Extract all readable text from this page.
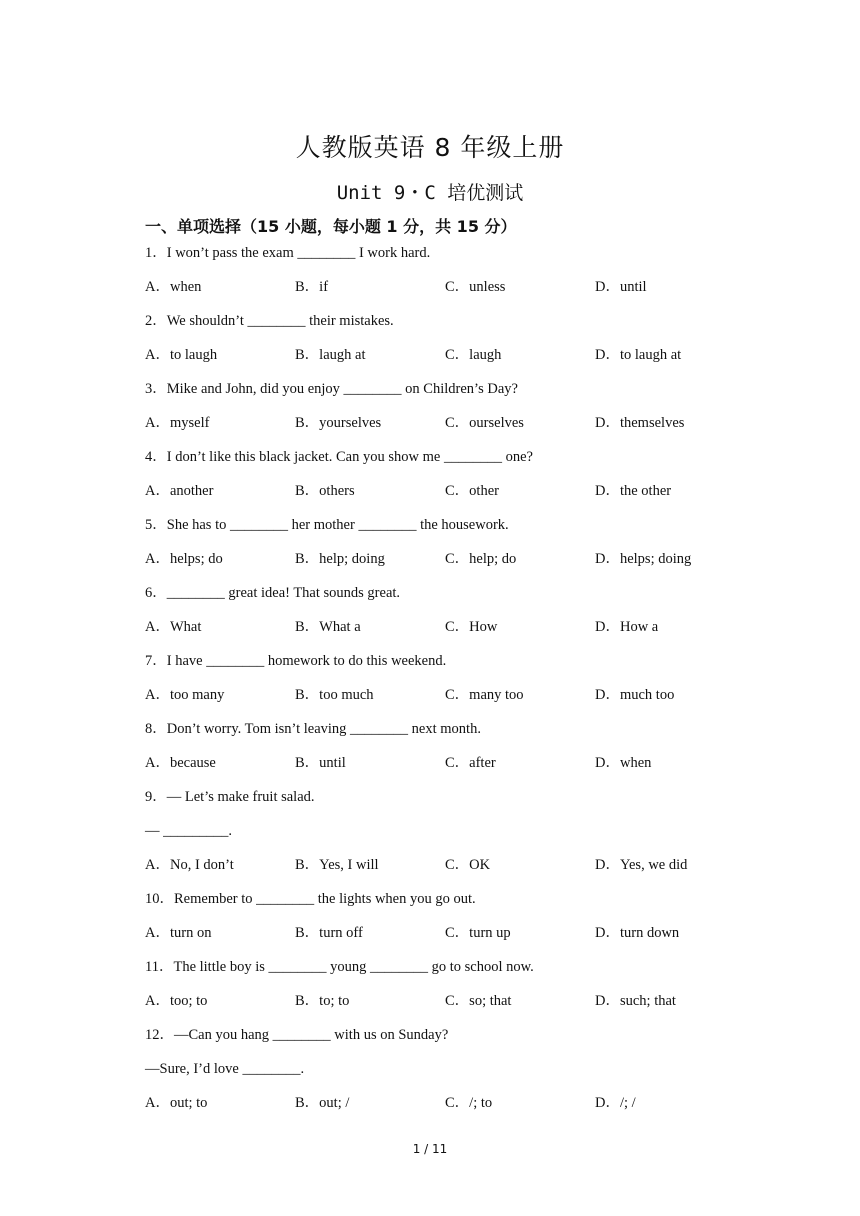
人教版英语 8 年级上册
Unit 9・C 培优测试
一、单项选择（15 小题，每小题 1 分，共 15 分）
1．I won’t pass the exam ________ I work hard.
A．when	B．if	C．unless	D．until
2．We shouldn’t ________ their mistakes.
A．to laugh	B．laugh at	C．laugh	D．to laugh at
3．Mike and John, did you enjoy ________ on Children’s Day?
A．myself	B．yourselves	C．ourselves	D．themselves
4．I don’t like this black jacket. Can you show me ________ one?
A．another	B．others	C．other	D．the other
5．She has to ________ her mother ________ the housework.
A．helps; do	B．help; doing	C．help; do	D．helps; doing
6．________ great idea! That sounds great.
A．What	B．What a	C．How	D．How a
7．I have ________ homework to do this weekend.
A．too many	B．too much	C．many too	D．much too
8．Don’t worry. Tom isn’t leaving ________ next month.
A．because	B．until	C．after	D．when
9．— Let’s make fruit salad.
— _________.
A．No, I don’t	B．Yes, I will	C．OK	D．Yes, we did
10．Remember to ________ the lights when you go out.
A．turn on	B．turn off	C．turn up	D．turn down
11．The little boy is ________ young ________ go to school now.
A．too; to	B．to; to	C．so; that	D．such; that
12．—Can you hang ________ with us on Sunday?
—Sure, I’d love ________.
A．out; to	B．out; /	C．/; to	D．/; /
1 / 11
